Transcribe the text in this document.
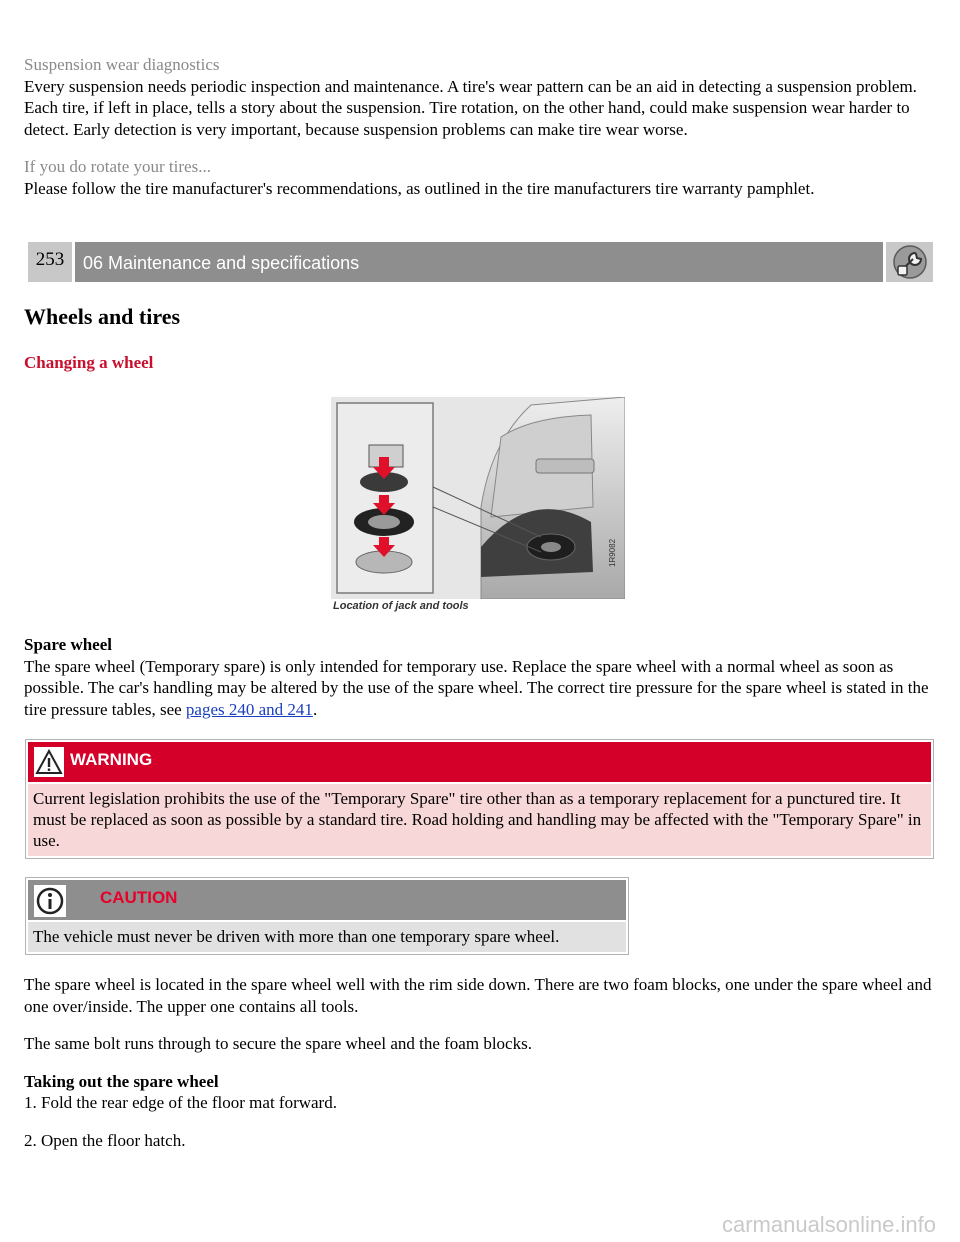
Suspension wear diagnostics

Every suspension needs periodic inspection and maintenance. A tire's wear pattern can be an aid in detecting a suspension problem. Each tire, if left in place, tells a story about the suspension. Tire rotation, on the other hand, could make suspension wear harder to detect. Early detection is very important, because suspension problems can make tire wear worse.

If you do rotate your tires...

Please follow the tire manufacturer's recommendations, as outlined in the tire manufacturers tire warranty pamphlet.

253	06 Maintenance and specifications
Wheels and tires
Changing a wheel
1R9082
Location of jack and tools

Spare wheel

The spare wheel (Temporary spare) is only intended for temporary use. Replace the spare wheel with a normal wheel as soon as possible. The car's handling may be altered by the use of the spare wheel. The correct tire pressure for the spare wheel is stated in the tire pressure tables, see pages 240 and 241.

WARNING
Current legislation prohibits the use of the "Temporary Spare" tire other than as a temporary replacement for a punctured tire. It must be replaced as soon as possible by a standard tire. Road holding and handling may be affected with the "Temporary Spare" in use.
CAUTION
The vehicle must never be driven with more than one temporary spare wheel.

The spare wheel is located in the spare wheel well with the rim side down. There are two foam blocks, one under the spare wheel and one over/inside. The upper one contains all tools.

The same bolt runs through to secure the spare wheel and the foam blocks.

Taking out the spare wheel

1. Fold the rear edge of the floor mat forward.

2. Open the floor hatch.

carmanualsonline.info
